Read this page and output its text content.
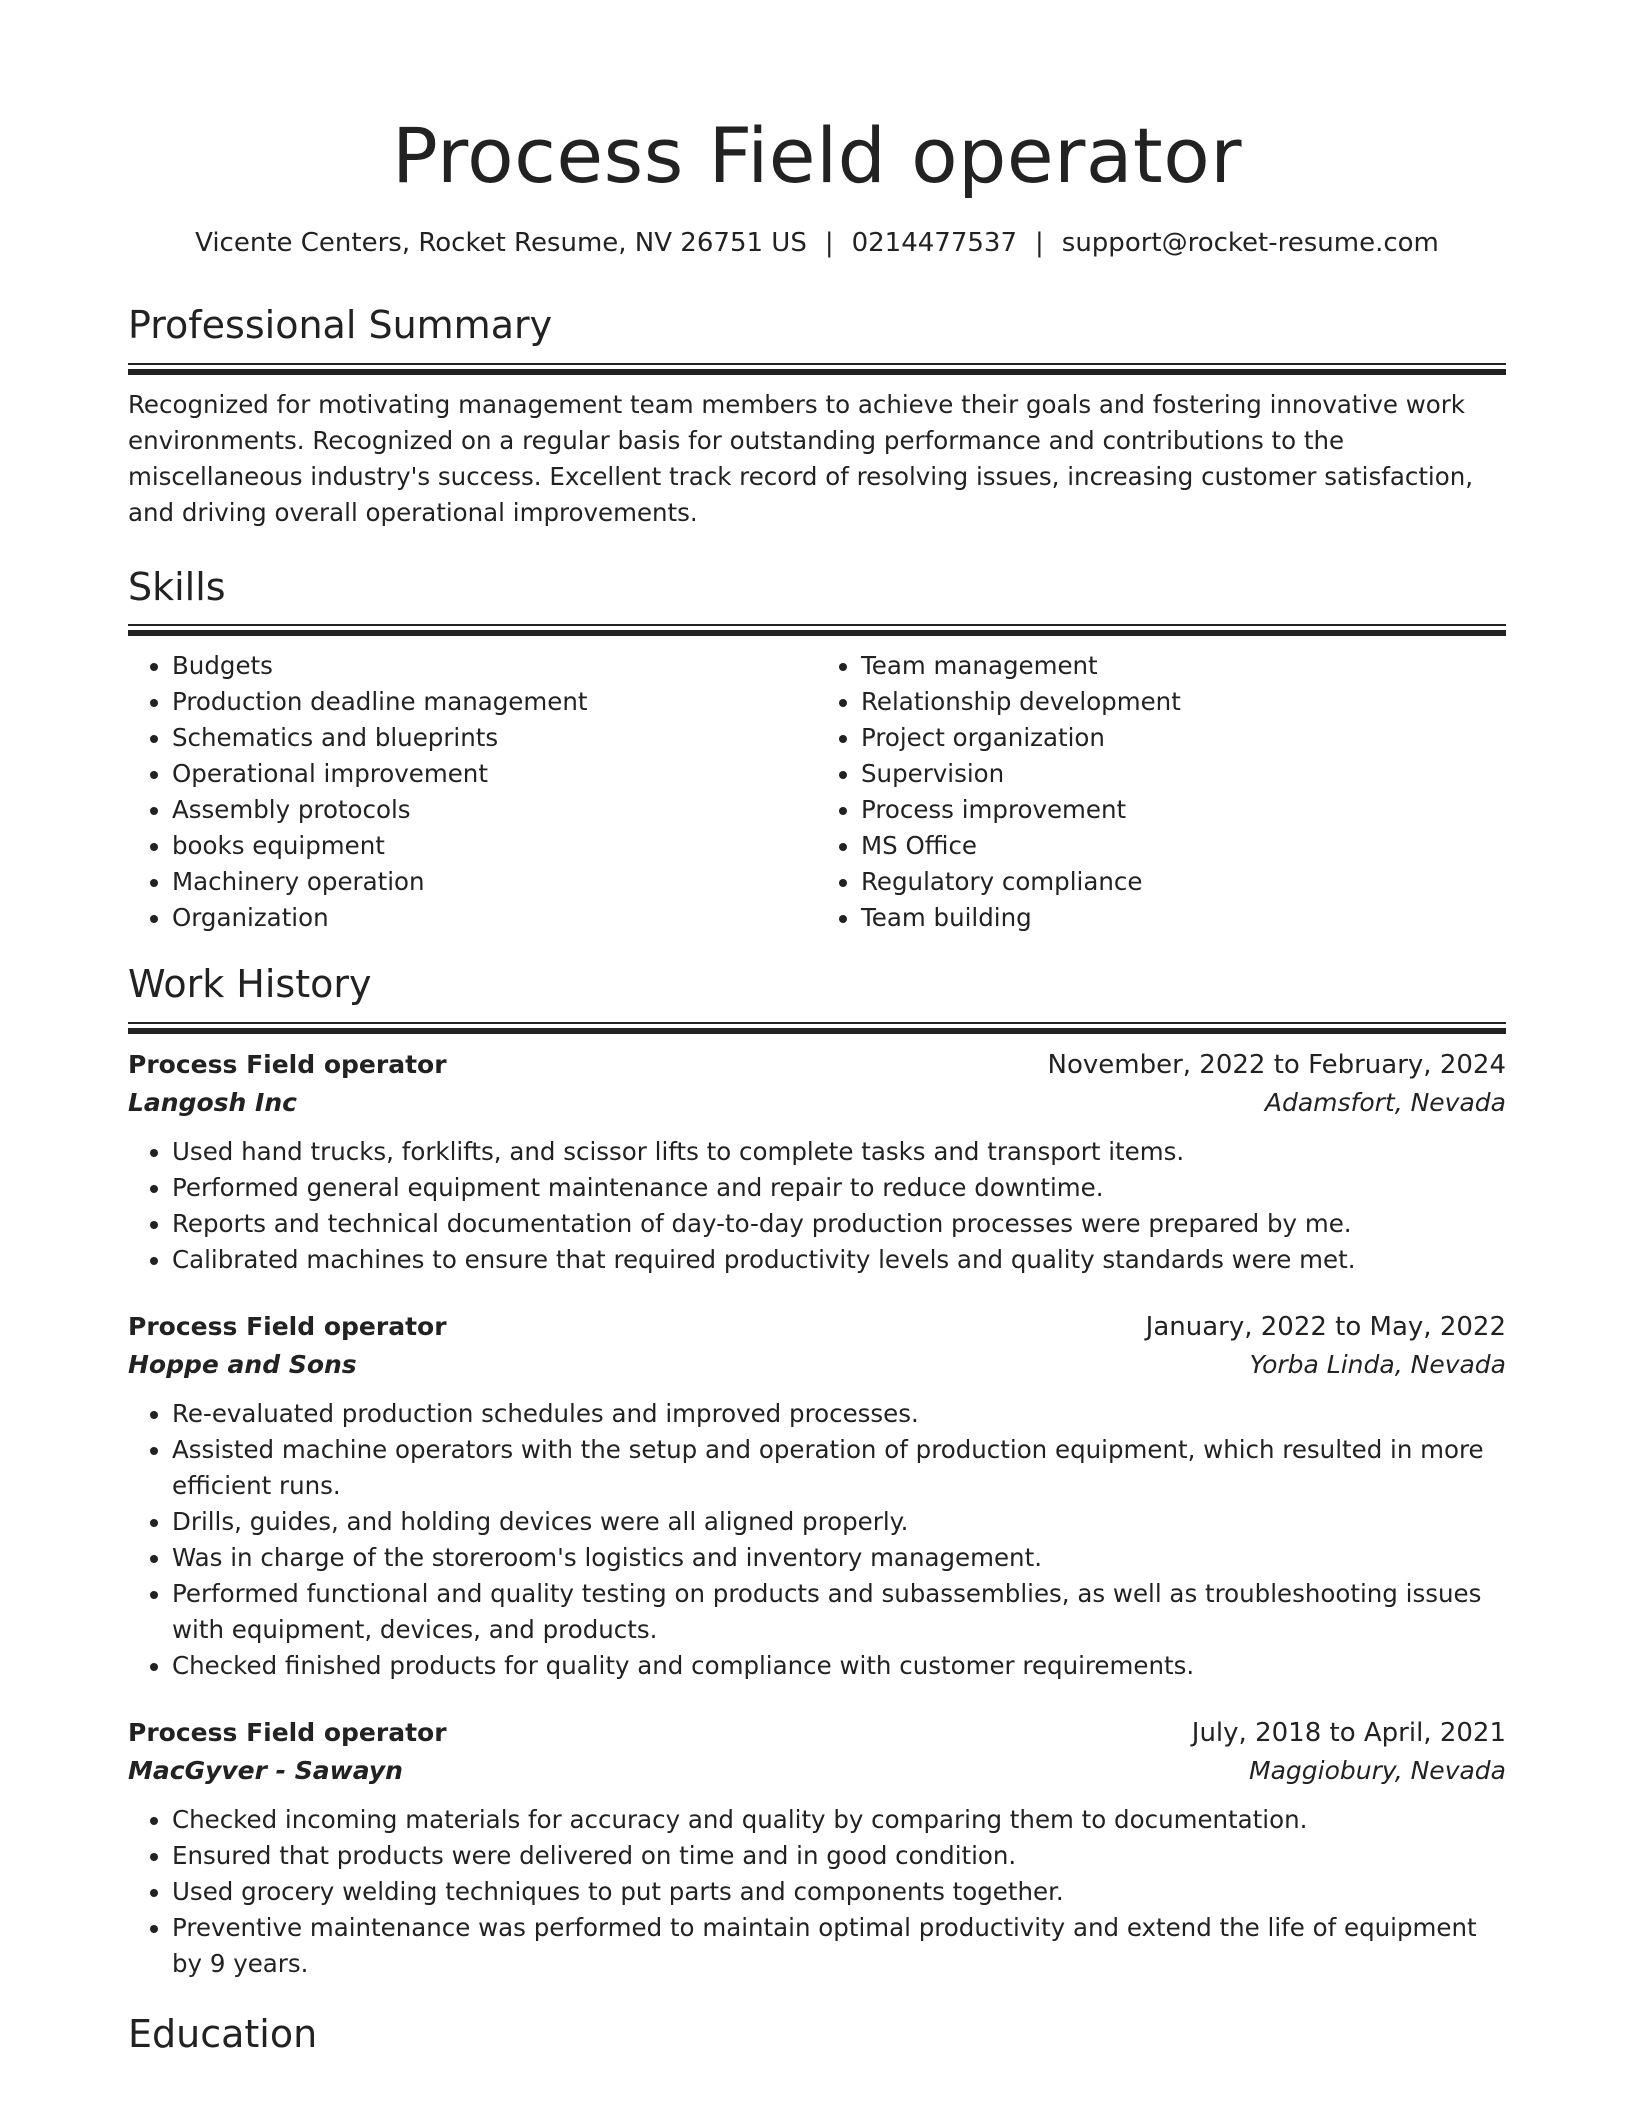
Process Field operator
Vicente Centers, Rocket Resume, NV 26751 US | 0214477537 | support@rocket-resume.com
Professional Summary

Recognized for motivating management team members to achieve their goals and fostering innovative work environments. Recognized on a regular basis for outstanding performance and contributions to the miscellaneous industry's success. Excellent track record of resolving issues, increasing customer satisfaction, and driving overall operational improvements.

Skills
• Budgets
• Production deadline management
• Schematics and blueprints
• Operational improvement
• Assembly protocols
• books equipment
• Machinery operation
• Organization
• Team management
• Relationship development
• Project organization
• Supervision
• Process improvement
• MS Office
• Regulatory compliance
• Team building
Work History
Process Field operator	November, 2022 to February, 2024
Langosh Inc	Adamsfort, Nevada
• Used hand trucks, forklifts, and scissor lifts to complete tasks and transport items.
• Performed general equipment maintenance and repair to reduce downtime.
• Reports and technical documentation of day-to-day production processes were prepared by me.
• Calibrated machines to ensure that required productivity levels and quality standards were met.
Process Field operator	January, 2022 to May, 2022
Hoppe and Sons	Yorba Linda, Nevada
• Re-evaluated production schedules and improved processes.
• Assisted machine operators with the setup and operation of production equipment, which resulted in more efficient runs.
• Drills, guides, and holding devices were all aligned properly.
• Was in charge of the storeroom's logistics and inventory management.
• Performed functional and quality testing on products and subassemblies, as well as troubleshooting issues with equipment, devices, and products.
• Checked finished products for quality and compliance with customer requirements.
Process Field operator	July, 2018 to April, 2021
MacGyver - Sawayn	Maggiobury, Nevada
• Checked incoming materials for accuracy and quality by comparing them to documentation.
• Ensured that products were delivered on time and in good condition.
• Used grocery welding techniques to put parts and components together.
• Preventive maintenance was performed to maintain optimal productivity and extend the life of equipment by 9 years.
Education
